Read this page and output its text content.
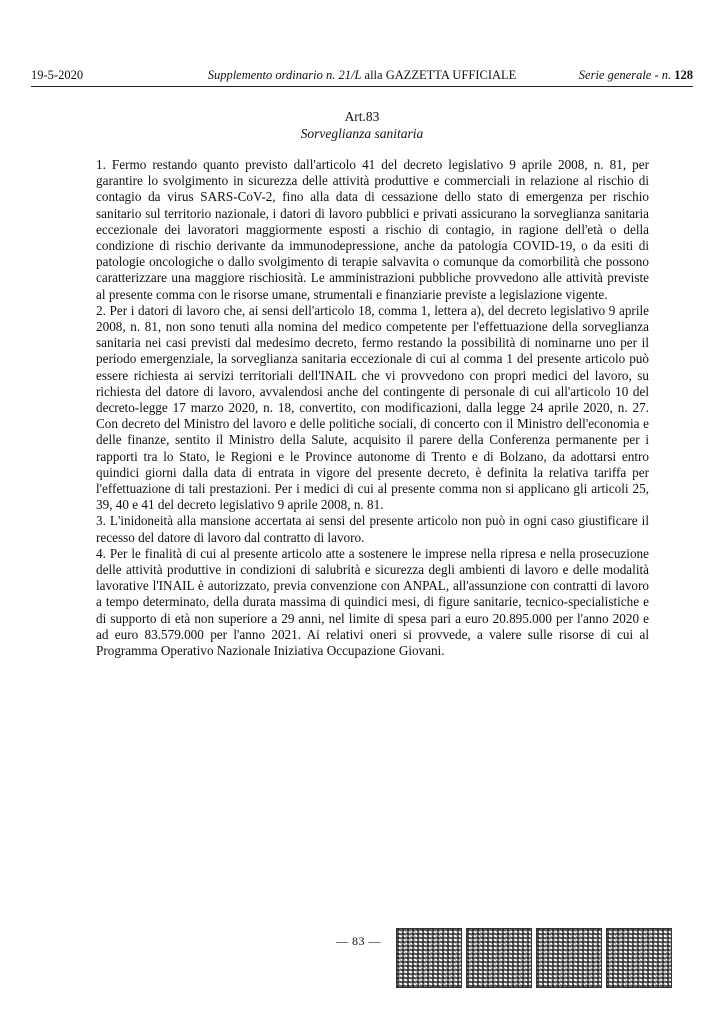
19-5-2020	Supplemento ordinario n. 21/L alla GAZZETTA UFFICIALE	Serie generale - n. 128
Art.83
Sorveglianza sanitaria

1. Fermo restando quanto previsto dall'articolo 41 del decreto legislativo 9 aprile 2008, n. 81, per garantire lo svolgimento in sicurezza delle attività produttive e commerciali in relazione al rischio di contagio da virus SARS-CoV-2, fino alla data di cessazione dello stato di emergenza per rischio sanitario sul territorio nazionale, i datori di lavoro pubblici e privati assicurano la sorveglianza sanitaria eccezionale dei lavoratori maggiormente esposti a rischio di contagio, in ragione dell'età o della condizione di rischio derivante da immunodepressione, anche da patologia COVID-19, o da esiti di patologie oncologiche o dallo svolgimento di terapie salvavita o comunque da comorbilità che possono caratterizzare una maggiore rischiosità. Le amministrazioni pubbliche provvedono alle attività previste al presente comma con le risorse umane, strumentali e finanziarie previste a legislazione vigente.

2. Per i datori di lavoro che, ai sensi dell'articolo 18, comma 1, lettera a), del decreto legislativo 9 aprile 2008, n. 81, non sono tenuti alla nomina del medico competente per l'effettuazione della sorveglianza sanitaria nei casi previsti dal medesimo decreto, fermo restando la possibilità di nominarne uno per il periodo emergenziale, la sorveglianza sanitaria eccezionale di cui al comma 1 del presente articolo può essere richiesta ai servizi territoriali dell'INAIL che vi provvedono con propri medici del lavoro, su richiesta del datore di lavoro, avvalendosi anche del contingente di personale di cui all'articolo 10 del decreto-legge 17 marzo 2020, n. 18, convertito, con modificazioni, dalla legge 24 aprile 2020, n. 27. Con decreto del Ministro del lavoro e delle politiche sociali, di concerto con il Ministro dell'economia e delle finanze, sentito il Ministro della Salute, acquisito il parere della Conferenza permanente per i rapporti tra lo Stato, le Regioni e le Province autonome di Trento e di Bolzano, da adottarsi entro quindici giorni dalla data di entrata in vigore del presente decreto, è definita la relativa tariffa per l'effettuazione di tali prestazioni. Per i medici di cui al presente comma non si applicano gli articoli 25, 39, 40 e 41 del decreto legislativo 9 aprile 2008, n. 81.

3. L'inidoneità alla mansione accertata ai sensi del presente articolo non può in ogni caso giustificare il recesso del datore di lavoro dal contratto di lavoro.

4. Per le finalità di cui al presente articolo atte a sostenere le imprese nella ripresa e nella prosecuzione delle attività produttive in condizioni di salubrità e sicurezza degli ambienti di lavoro e delle modalità lavorative l'INAIL è autorizzato, previa convenzione con ANPAL, all'assunzione con contratti di lavoro a tempo determinato, della durata massima di quindici mesi, di figure sanitarie, tecnico-specialistiche e di supporto di età non superiore a 29 anni, nel limite di spesa pari a euro 20.895.000 per l'anno 2020 e ad euro 83.579.000 per l'anno 2021. Ai relativi oneri si provvede, a valere sulle risorse di cui al Programma Operativo Nazionale Iniziativa Occupazione Giovani.

— 83 —
